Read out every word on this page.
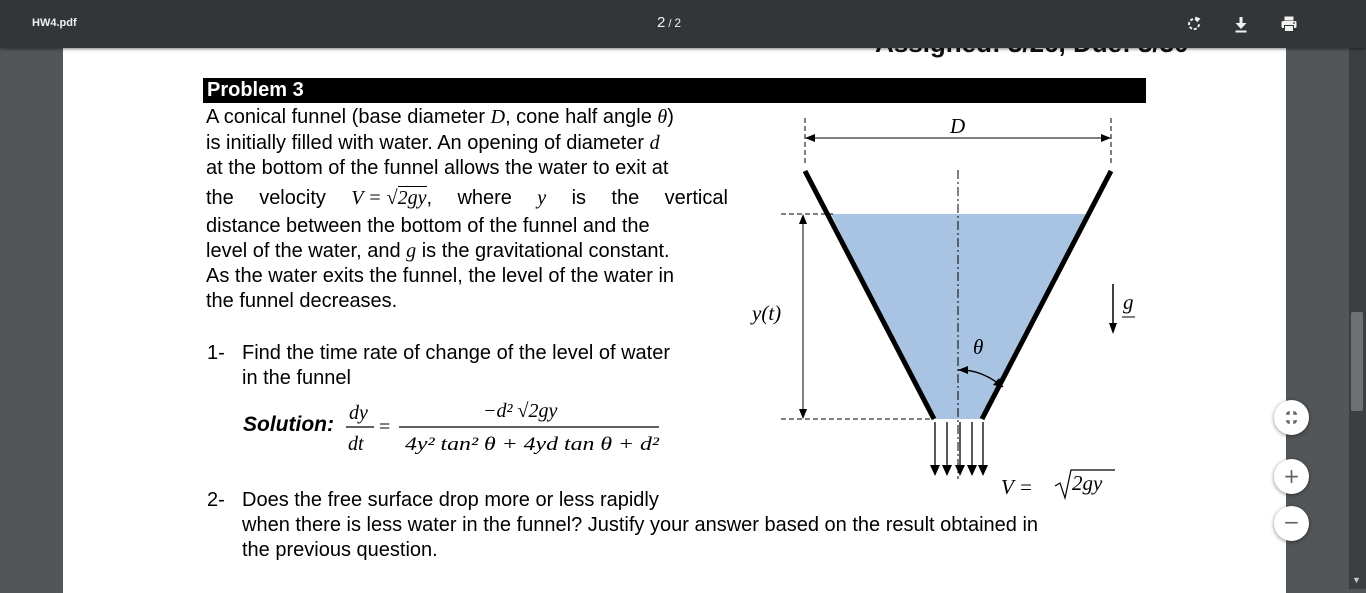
HW4.pdf	2 / 2
Problem 3
A conical funnel (base diameter D, cone half angle θ)
is initially filled with water. An opening of diameter d
at the bottom of the funnel allows the water to exit at
the velocity V = √2gy, where y is the vertical
distance between the bottom of the funnel and the
level of the water, and g is the gravitational constant.
As the water exits the funnel, the level of the water in
the funnel decreases.
1- Find the time rate of change of the level of water
in the funnel
Solution: dy
dt
=
−d² √2gy
4y² tan² θ + 4yd tan θ + d²
2- Does the free surface drop more or less rapidly
when there is less water in the funnel? Justify your answer based on the result obtained in
the previous question.
D
y(t)
θ
g
V = 2gy
▼
+
−
